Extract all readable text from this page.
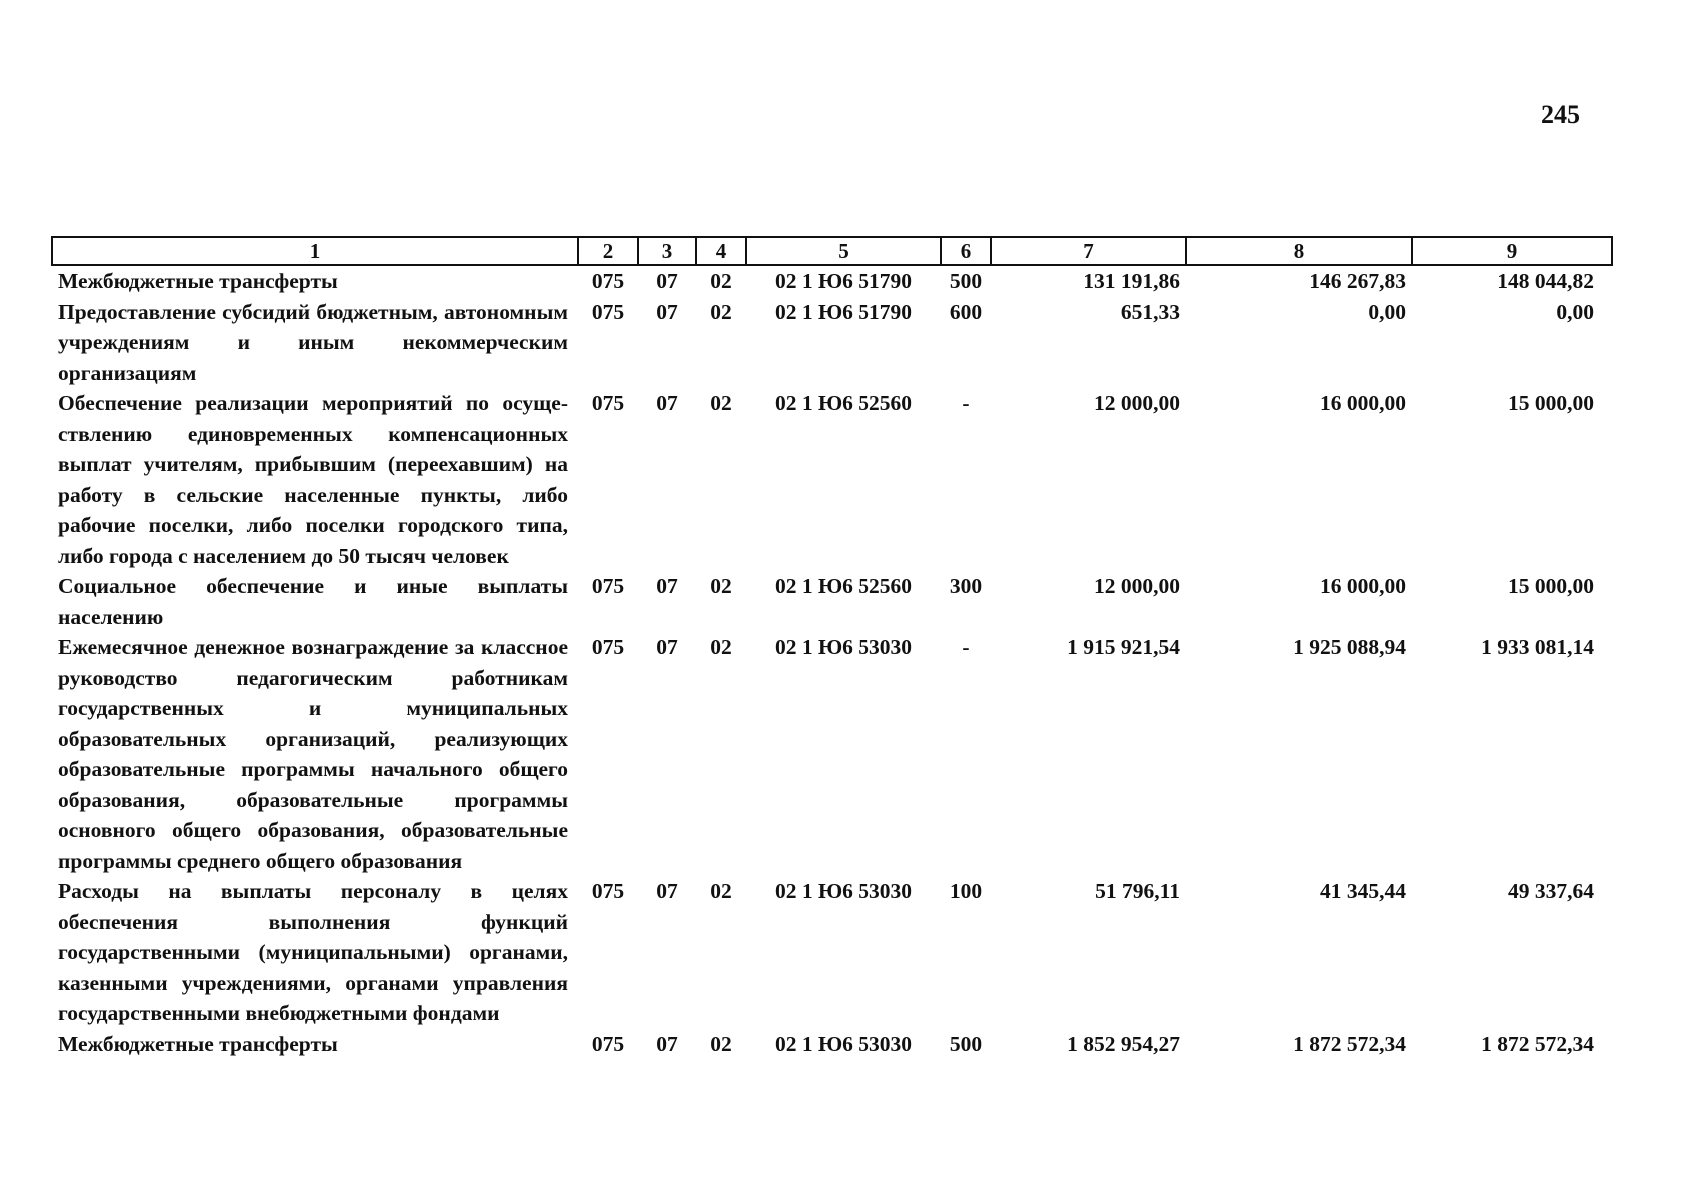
245
1	2	3	4	5	6	7	8	9
Межбюджетные трансферты	075	07	02	02 1 Ю6 51790	500	131 191,86	146 267,83	148 044,82
Предоставление субсидий бюджетным, автономным учреждениям и иным некоммерческим организациям	075	07	02	02 1 Ю6 51790	600	651,33	0,00	0,00
Обеспечение реализации мероприятий по осуще-ствлению единовременных компенсационных выплат учителям, прибывшим (переехавшим) на работу в сельские населенные пункты, либо рабочие поселки, либо поселки городского типа, либо города с населением до 50 тысяч человек	075	07	02	02 1 Ю6 52560	-	12 000,00	16 000,00	15 000,00
Социальное обеспечение и иные выплаты населению	075	07	02	02 1 Ю6 52560	300	12 000,00	16 000,00	15 000,00
Ежемесячное денежное вознаграждение за классное руководство педагогическим работникам государственных и муниципальных образовательных организаций, реализующих образовательные программы начального общего образования, образовательные программы основного общего образования, образовательные программы среднего общего образования	075	07	02	02 1 Ю6 53030	-	1 915 921,54	1 925 088,94	1 933 081,14
Расходы на выплаты персоналу в целях обеспечения выполнения функций государственными (муниципальными) органами, казенными учреждениями, органами управления государственными внебюджетными фондами	075	07	02	02 1 Ю6 53030	100	51 796,11	41 345,44	49 337,64
Межбюджетные трансферты	075	07	02	02 1 Ю6 53030	500	1 852 954,27	1 872 572,34	1 872 572,34
